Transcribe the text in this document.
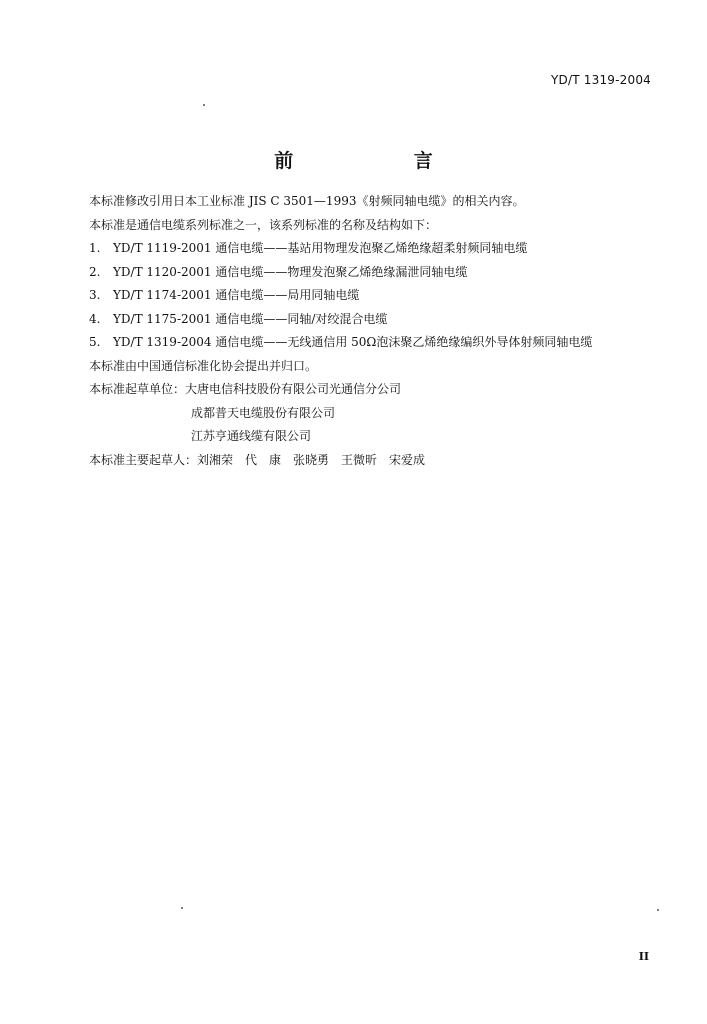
YD/T 1319-2004
前 言
本标准修改引用日本工业标准 JIS C 3501—1993《射频同轴电缆》的相关内容。
本标准是通信电缆系列标准之一，该系列标准的名称及结构如下：
1. YD/T 1119-2001 通信电缆——基站用物理发泡聚乙烯绝缘超柔射频同轴电缆
2. YD/T 1120-2001 通信电缆——物理发泡聚乙烯绝缘漏泄同轴电缆
3. YD/T 1174-2001 通信电缆——局用同轴电缆
4. YD/T 1175-2001 通信电缆——同轴/对绞混合电缆
5. YD/T 1319-2004 通信电缆——无线通信用 50Ω泡沫聚乙烯绝缘编织外导体射频同轴电缆
本标准由中国通信标准化协会提出并归口。
本标准起草单位：大唐电信科技股份有限公司光通信分公司
成都普天电缆股份有限公司
江苏亨通线缆有限公司
本标准主要起草人：刘湘荣　代　康　张晓勇　王微昕　宋爱成
II
